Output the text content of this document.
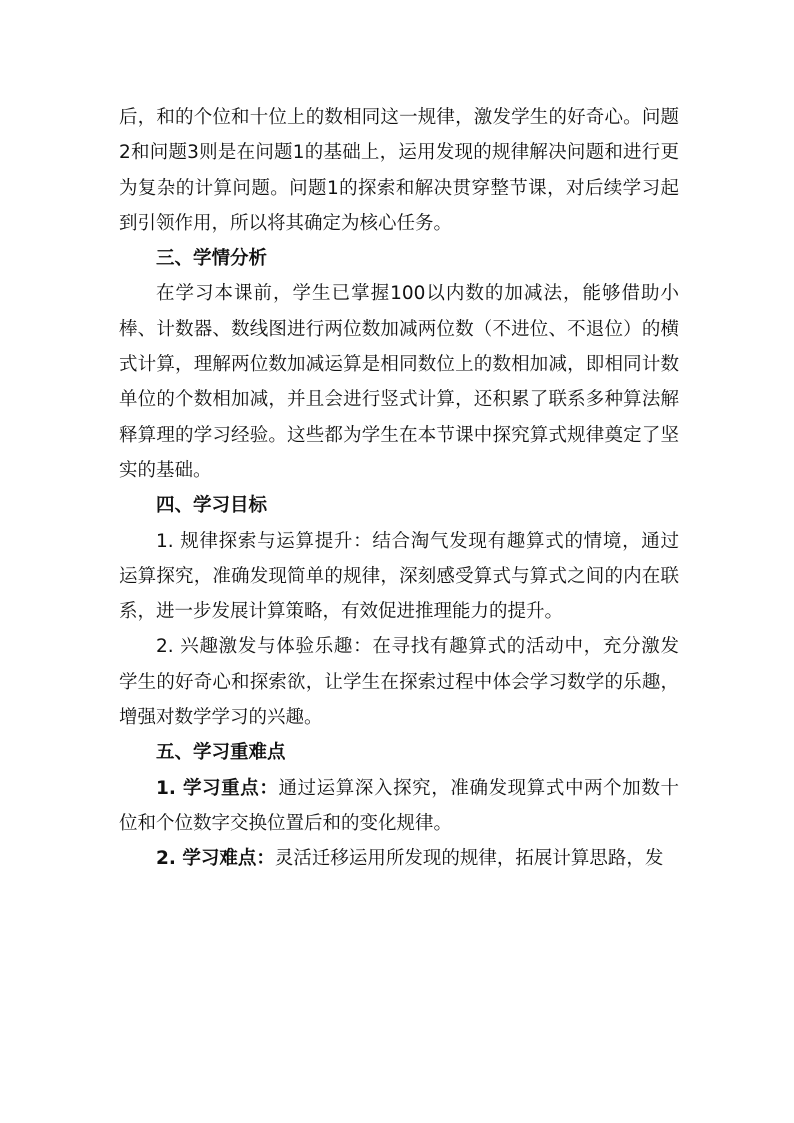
后，和的个位和十位上的数相同这一规律，激发学生的好奇心。问题2和问题3则是在问题1的基础上，运用发现的规律解决问题和进行更为复杂的计算问题。问题1的探索和解决贯穿整节课，对后续学习起到引领作用，所以将其确定为核心任务。

三、学情分析

在学习本课前，学生已掌握100以内数的加减法，能够借助小棒、计数器、数线图进行两位数加减两位数（不进位、不退位）的横式计算，理解两位数加减运算是相同数位上的数相加减，即相同计数单位的个数相加减，并且会进行竖式计算，还积累了联系多种算法解释算理的学习经验。这些都为学生在本节课中探究算式规律奠定了坚实的基础。

四、学习目标

1. 规律探索与运算提升：结合淘气发现有趣算式的情境，通过运算探究，准确发现简单的规律，深刻感受算式与算式之间的内在联系，进一步发展计算策略，有效促进推理能力的提升。

2. 兴趣激发与体验乐趣：在寻找有趣算式的活动中，充分激发学生的好奇心和探索欲，让学生在探索过程中体会学习数学的乐趣，增强对数学学习的兴趣。

五、学习重难点

1. 学习重点：通过运算深入探究，准确发现算式中两个加数十位和个位数字交换位置后和的变化规律。

2. 学习难点：灵活迁移运用所发现的规律，拓展计算思路，发
